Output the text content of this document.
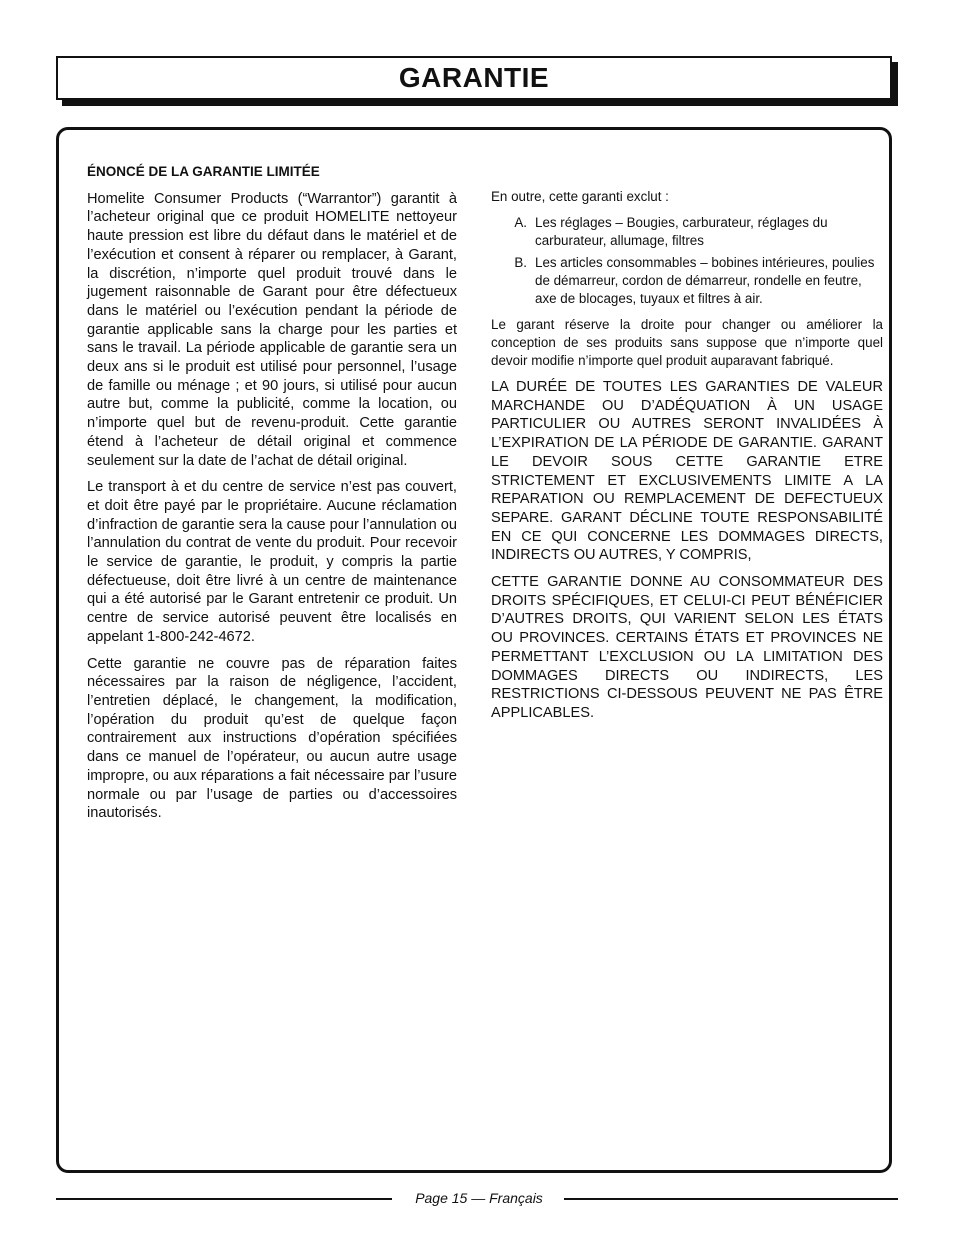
GARANTIE

ÉNONCÉ DE LA GARANTIE LIMITÉE

Homelite Consumer Products (“Warrantor”) garantit à l’acheteur original que ce produit HOMELITE nettoyeur haute pression est libre du défaut dans le matériel et de l’exécution et consent à réparer ou remplacer, à Garant, la discrétion, n’importe quel produit trouvé dans le jugement raisonnable de Garant pour être défectueux dans le matériel ou l’exécution pendant la période de garantie applicable sans la charge pour les parties et sans le travail. La période applicable de garantie sera un deux ans si le produit est utilisé pour personnel, l’usage de famille ou ménage ; et 90 jours, si utilisé pour aucun autre but, comme la publicité, comme la location, ou n’importe quel but de revenu-produit. Cette garantie étend à l’acheteur de détail original et commence seulement sur la date de l’achat de détail original.

Le transport à et du centre de service n’est pas couvert, et doit être payé par le propriétaire. Aucune réclamation d’infraction de garantie sera la cause pour l’annulation ou l’annulation du contrat de vente du produit. Pour recevoir le service de garantie, le produit, y compris la partie défectueuse, doit être livré à un centre de maintenance qui a été autorisé par le Garant entretenir ce produit. Un centre de service autorisé peuvent être localisés en appelant 1-800-242-4672.

Cette garantie ne couvre pas de réparation faites nécessaires par la raison de négligence, l’accident, l’entretien déplacé, le changement, la modification, l’opération du produit qu’est de quelque façon contrairement aux instructions d’opération spécifiées dans ce manuel de l’opérateur, ou aucun autre usage impropre, ou aux réparations a fait nécessaire par l’usure normale ou par l’usage de parties ou d’accessoires inautorisés.

En outre, cette garanti exclut :

A. Les réglages – Bougies, carburateur, réglages du carburateur, allumage, filtres
B. Les articles consommables – bobines intérieures, poulies de démarreur, cordon de démarreur, rondelle en feutre, axe de blocages, tuyaux et filtres à air.

Le garant réserve la droite pour changer ou améliorer la conception de ses produits sans suppose que n’importe quel devoir modifie n’importe quel produit auparavant fabriqué.

LA DURÉE DE TOUTES LES GARANTIES DE VALEUR MARCHANDE OU D’ADÉQUATION À UN USAGE PARTICULIER OU AUTRES SERONT INVALIDÉES À L’EXPIRATION DE LA PÉRIODE DE GARANTIE. GARANT LE DEVOIR SOUS CETTE GARANTIE ETRE STRICTEMENT ET EXCLUSIVEMENTS LIMITE A LA REPARATION OU REMPLACEMENT DE DEFECTUEUX SEPARE. GARANT DÉCLINE TOUTE RESPONSABILITÉ EN CE QUI CONCERNE LES DOMMAGES DIRECTS, INDIRECTS OU AUTRES, Y COMPRIS,

CETTE GARANTIE DONNE AU CONSOMMATEUR DES DROITS SPÉCIFIQUES, ET CELUI-CI PEUT BÉNÉFICIER D’AUTRES DROITS, QUI VARIENT SELON LES ÉTATS OU PROVINCES. CERTAINS ÉTATS ET PROVINCES NE PERMETTANT L’EXCLUSION OU LA LIMITATION DES DOMMAGES DIRECTS OU INDIRECTS, LES RESTRICTIONS CI-DESSOUS PEUVENT NE PAS ÊTRE APPLICABLES.

Page 15 — Français
